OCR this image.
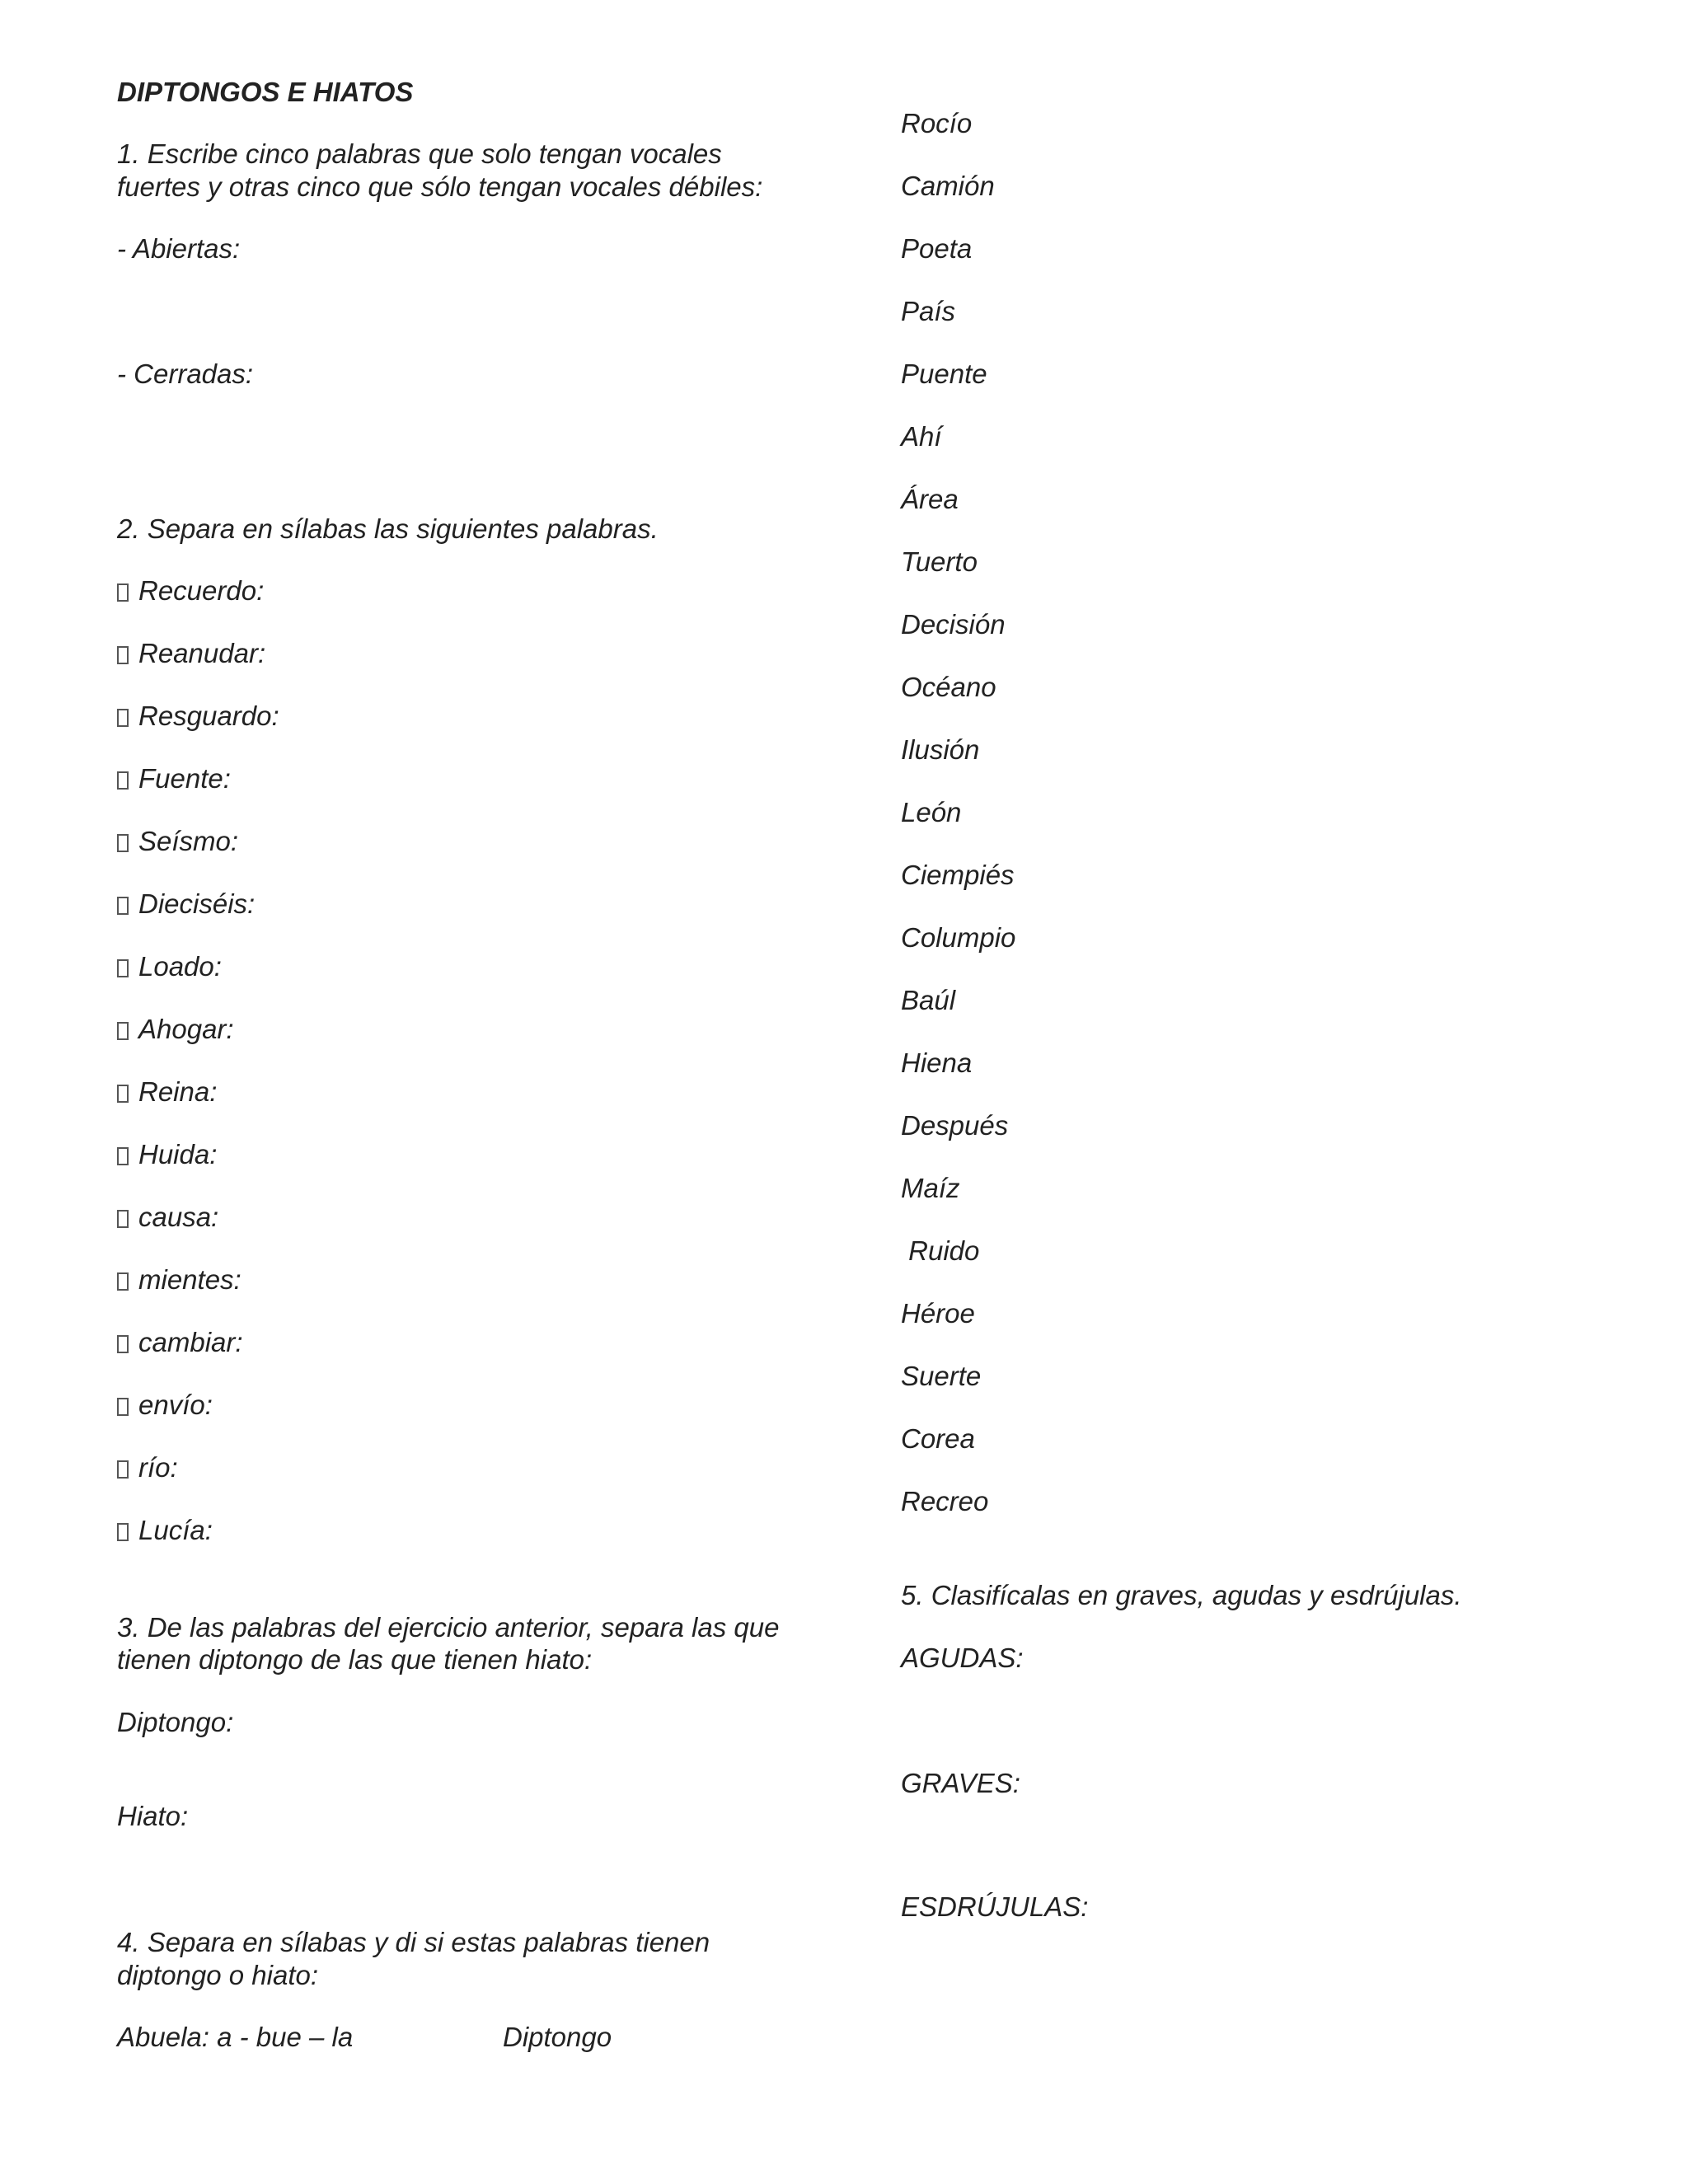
DIPTONGOS E HIATOS
1. Escribe cinco palabras que solo tengan vocales
fuertes y otras cinco que sólo tengan vocales débiles:
- Abiertas:
- Cerradas:
2. Separa en sílabas las siguientes palabras.
Recuerdo:
Reanudar:
Resguardo:
Fuente:
Seísmo:
Dieciséis:
Loado:
Ahogar:
Reina:
Huida:
causa:
mientes:
cambiar:
envío:
río:
Lucía:
3. De las palabras del ejercicio anterior, separa las que
tienen diptongo de las que tienen hiato:
Diptongo:
Hiato:
4. Separa en sílabas y di si estas palabras tienen
diptongo o hiato:
Abuela: a - bue – la	Diptongo
Rocío
Camión
Poeta
País
Puente
Ahí
Área
Tuerto
Decisión
Océano
Ilusión
León
Ciempiés
Columpio
Baúl
Hiena
Después
Maíz
Ruido
Héroe
Suerte
Corea
Recreo
5. Clasifícalas en graves, agudas y esdrújulas.
AGUDAS:
GRAVES:
ESDRÚJULAS:
